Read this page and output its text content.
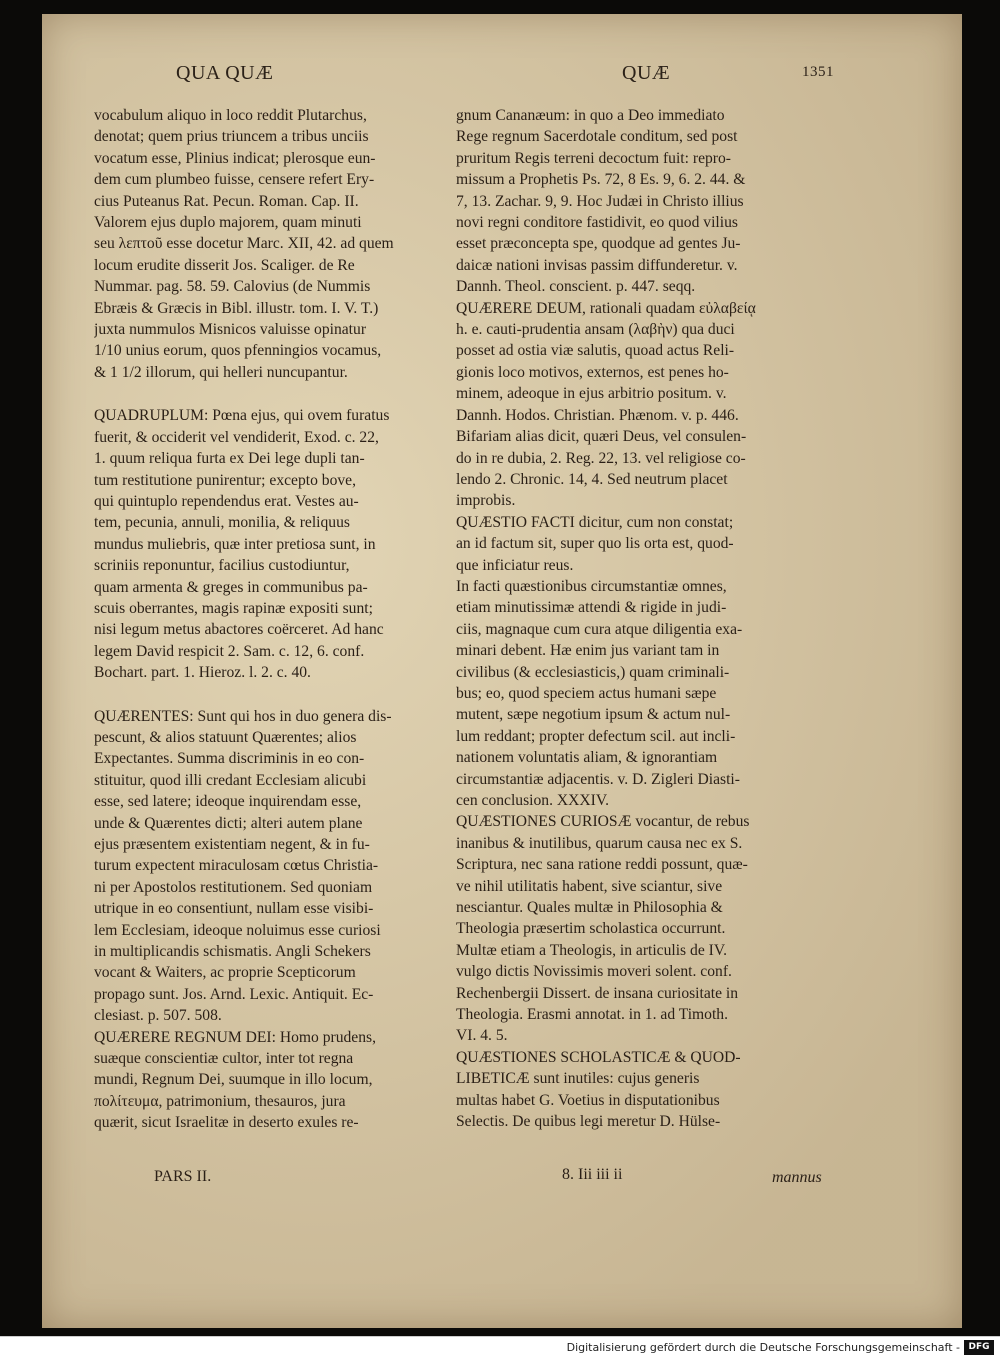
QUA QUÆ	QUÆ	1351
vocabulum aliquo in loco reddit Plutarchus,
denotat; quem prius triuncem a tribus unciis
vocatum esse, Plinius indicat; plerosque eun-
dem cum plumbeo fuisse, censere refert Ery-
cius Puteanus Rat. Pecun. Roman. Cap. II.
Valorem ejus duplo majorem, quam minuti
seu λεπτοῦ esse docetur Marc. XII, 42. ad quem
locum erudite disserit Jos. Scaliger. de Re
Nummar. pag. 58. 59. Calovius (de Nummis
Ebræis & Græcis in Bibl. illustr. tom. I. V. T.)
juxta nummulos Misnicos valuisse opinatur
1/10 unius eorum, quos pfenningios vocamus,
& 1 1/2 illorum, qui helleri nuncupantur.
QUADRUPLUM: Pœna ejus, qui ovem furatus
fuerit, & occiderit vel vendiderit, Exod. c. 22,
1. quum reliqua furta ex Dei lege dupli tan-
tum restitutione punirentur; excepto bove,
qui quintuplo rependendus erat. Vestes au-
tem, pecunia, annuli, monilia, & reliquus
mundus muliebris, quæ inter pretiosa sunt, in
scriniis reponuntur, facilius custodiuntur,
quam armenta & greges in communibus pa-
scuis oberrantes, magis rapinæ expositi sunt;
nisi legum metus abactores coërceret. Ad hanc
legem David respicit 2. Sam. c. 12, 6. conf.
Bochart. part. 1. Hieroz. l. 2. c. 40.
QUÆRENTES: Sunt qui hos in duo genera dis-
pescunt, & alios statuunt Quærentes; alios
Expectantes. Summa discriminis in eo con-
stituitur, quod illi credant Ecclesiam alicubi
esse, sed latere; ideoque inquirendam esse,
unde & Quærentes dicti; alteri autem plane
ejus præsentem existentiam negent, & in fu-
turum expectent miraculosam cœtus Christia-
ni per Apostolos restitutionem. Sed quoniam
utrique in eo consentiunt, nullam esse visibi-
lem Ecclesiam, ideoque noluimus esse curiosi
in multiplicandis schismatis. Angli Schekers
vocant & Waiters, ac proprie Scepticorum
propago sunt. Jos. Arnd. Lexic. Antiquit. Ec-
clesiast. p. 507. 508.
QUÆRERE REGNUM DEI: Homo prudens,
suæque conscientiæ cultor, inter tot regna
mundi, Regnum Dei, suumque in illo locum,
πολίτευμα, patrimonium, thesauros, jura
quærit, sicut Israelitæ in deserto exules re-
gnum Cananæum: in quo a Deo immediato
Rege regnum Sacerdotale conditum, sed post
pruritum Regis terreni decoctum fuit: repro-
missum a Prophetis Ps. 72, 8 Es. 9, 6. 2. 44. &
7, 13. Zachar. 9, 9. Hoc Judæi in Christo illius
novi regni conditore fastidivit, eo quod vilius
esset præconcepta spe, quodque ad gentes Ju-
daicæ nationi invisas passim diffunderetur. v.
Dannh. Theol. conscient. p. 447. seqq.
QUÆRERE DEUM, rationali quadam εὐλαβείᾳ
h. e. cauti-prudentia ansam (λαβὴν) qua duci
posset ad ostia viæ salutis, quoad actus Reli-
gionis loco motivos, externos, est penes ho-
minem, adeoque in ejus arbitrio positum. v.
Dannh. Hodos. Christian. Phænom. v. p. 446.
Bifariam alias dicit, quæri Deus, vel consulen-
do in re dubia, 2. Reg. 22, 13. vel religiose co-
lendo 2. Chronic. 14, 4. Sed neutrum placet
improbis.
QUÆSTIO FACTI dicitur, cum non constat;
an id factum sit, super quo lis orta est, quod-
que inficiatur reus.
In facti quæstionibus circumstantiæ omnes,
etiam minutissimæ attendi & rigide in judi-
ciis, magnaque cum cura atque diligentia exa-
minari debent. Hæ enim jus variant tam in
civilibus (& ecclesiasticis,) quam criminali-
bus; eo, quod speciem actus humani sæpe
mutent, sæpe negotium ipsum & actum nul-
lum reddant; propter defectum scil. aut incli-
nationem voluntatis aliam, & ignorantiam
circumstantiæ adjacentis. v. D. Zigleri Diasti-
cen conclusion. XXXIV.
QUÆSTIONES CURIOSÆ vocantur, de rebus
inanibus & inutilibus, quarum causa nec ex S.
Scriptura, nec sana ratione reddi possunt, quæ-
ve nihil utilitatis habent, sive sciantur, sive
nesciantur. Quales multæ in Philosophia &
Theologia præsertim scholastica occurrunt.
Multæ etiam a Theologis, in articulis de IV.
vulgo dictis Novissimis moveri solent. conf.
Rechenbergii Dissert. de insana curiositate in
Theologia. Erasmi annotat. in 1. ad Timoth.
VI. 4. 5.
QUÆSTIONES SCHOLASTICÆ & QUOD-
LIBETICÆ sunt inutiles: cujus generis
multas habet G. Voetius in disputationibus
Selectis. De quibus legi meretur D. Hülse-
PARS II.	8. Iii iii ii	mannus
Digitalisierung gefördert durch die Deutsche Forschungsgemeinschaft - DFG
